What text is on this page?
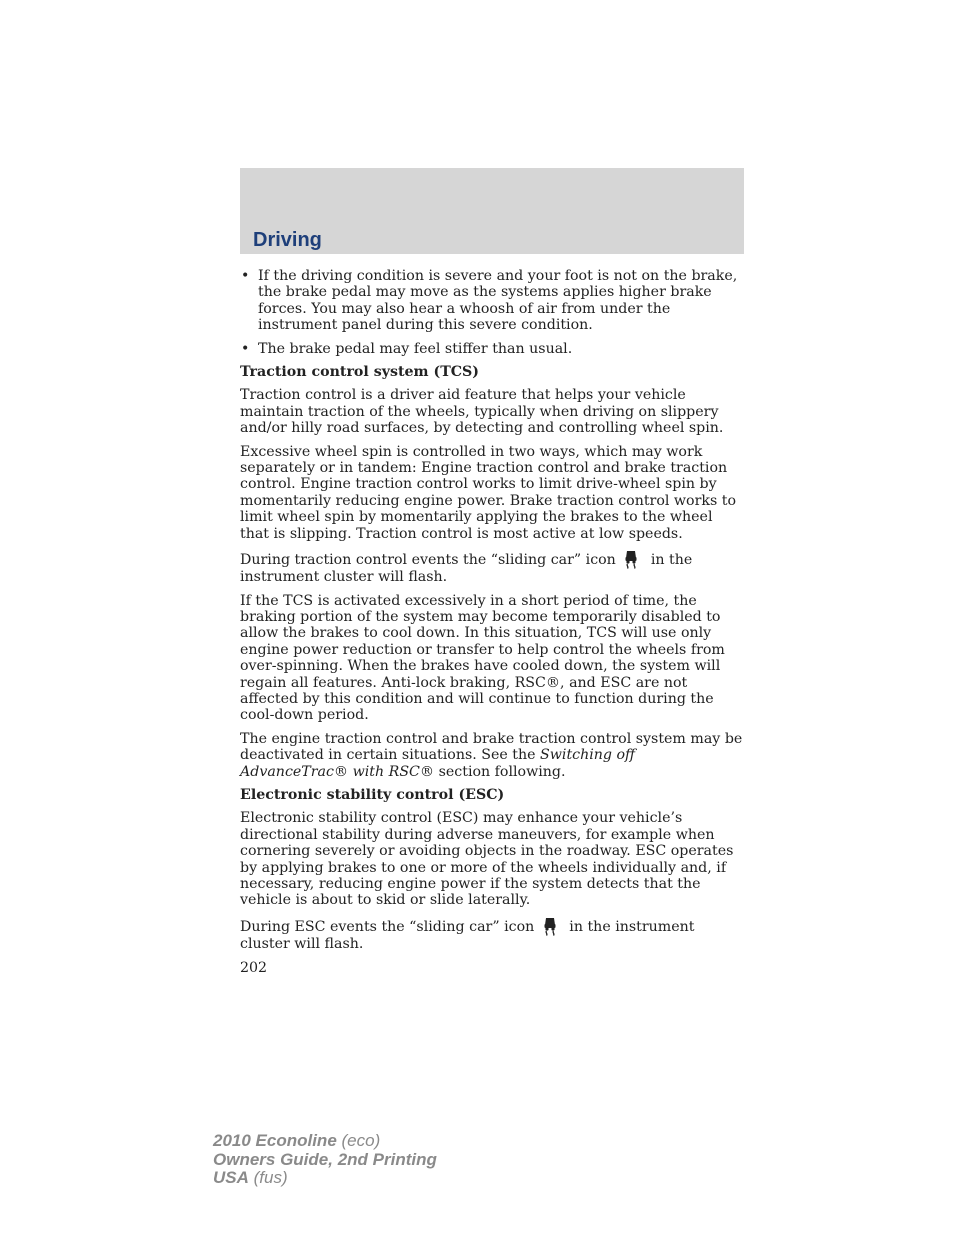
Driving
• If the driving condition is severe and your foot is not on the brake, the brake pedal may move as the systems applies higher brake forces. You may also hear a whoosh of air from under the instrument panel during this severe condition.
• The brake pedal may feel stiffer than usual.
Traction control system (TCS)

Traction control is a driver aid feature that helps your vehicle maintain traction of the wheels, typically when driving on slippery and/or hilly road surfaces, by detecting and controlling wheel spin.

Excessive wheel spin is controlled in two ways, which may work separately or in tandem: Engine traction control and brake traction control. Engine traction control works to limit drive-wheel spin by momentarily reducing engine power. Brake traction control works to limit wheel spin by momentarily applying the brakes to the wheel that is slipping. Traction control is most active at low speeds.

During traction control events the “sliding car” icon in the instrument cluster will flash.

If the TCS is activated excessively in a short period of time, the braking portion of the system may become temporarily disabled to allow the brakes to cool down. In this situation, TCS will use only engine power reduction or transfer to help control the wheels from over-spinning. When the brakes have cooled down, the system will regain all features. Anti-lock braking, RSC®, and ESC are not affected by this condition and will continue to function during the cool-down period.

The engine traction control and brake traction control system may be deactivated in certain situations. See the Switching off AdvanceTrac® with RSC® section following.

Electronic stability control (ESC)

Electronic stability control (ESC) may enhance your vehicle’s directional stability during adverse maneuvers, for example when cornering severely or avoiding objects in the roadway. ESC operates by applying brakes to one or more of the wheels individually and, if necessary, reducing engine power if the system detects that the vehicle is about to skid or slide laterally.

During ESC events the “sliding car” icon in the instrument cluster will flash.

202
2010 Econoline (eco)
Owners Guide, 2nd Printing
USA (fus)
